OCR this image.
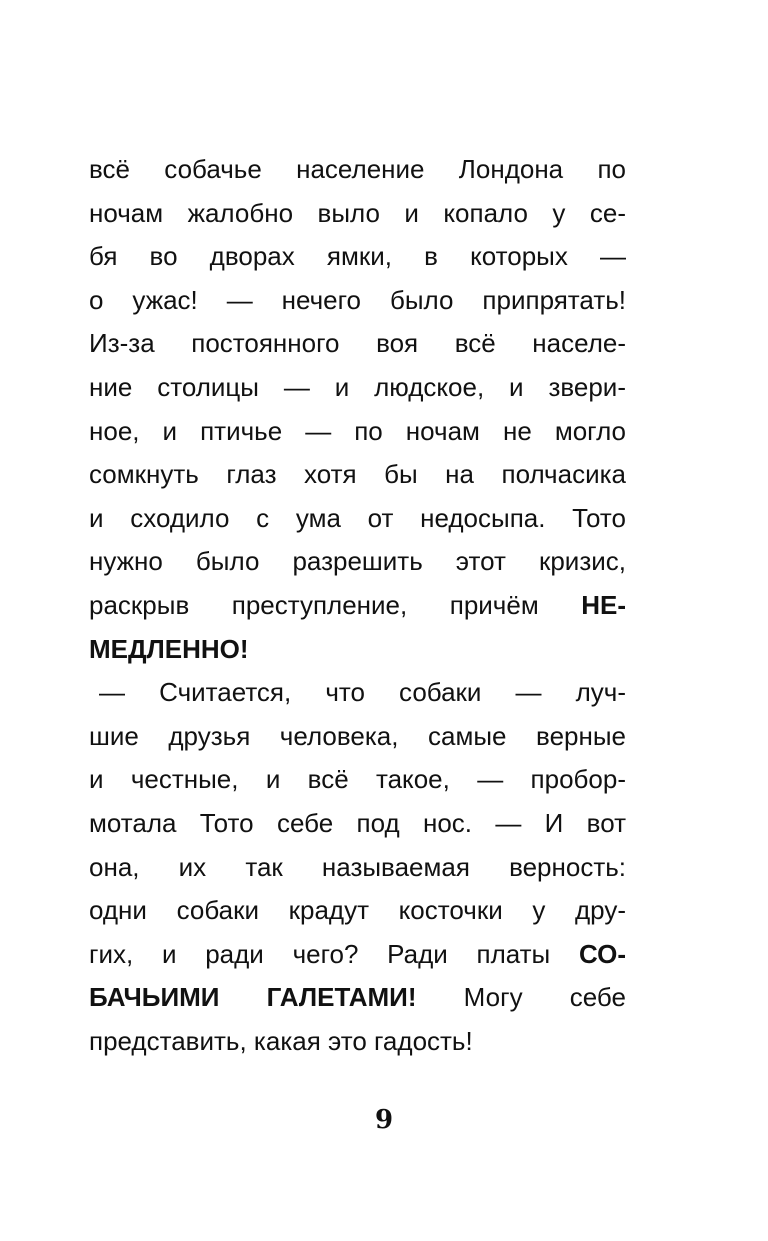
всё собачье население Лондона по
ночам жалобно выло и копало у се-
бя во дворах ямки, в которых —
о ужас! — нечего было припрятать!
Из-за постоянного воя всё населе-
ние столицы — и людское, и звери-
ное, и птичье — по ночам не могло
сомкнуть глаз хотя бы на полчасика
и сходило с ума от недосыпа. Тото
нужно было разрешить этот кризис,
раскрыв преступление, причём НЕ-
МЕДЛЕННО!
— Считается, что собаки — луч-
шие друзья человека, самые верные
и честные, и всё такое, — пробор-
мотала Тото себе под нос. — И вот
она, их так называемая верность:
одни собаки крадут косточки у дру-
гих, и ради чего? Ради платы СО-
БАЧЬИМИ ГАЛЕТАМИ! Могу себе
представить, какая это гадость!
9
